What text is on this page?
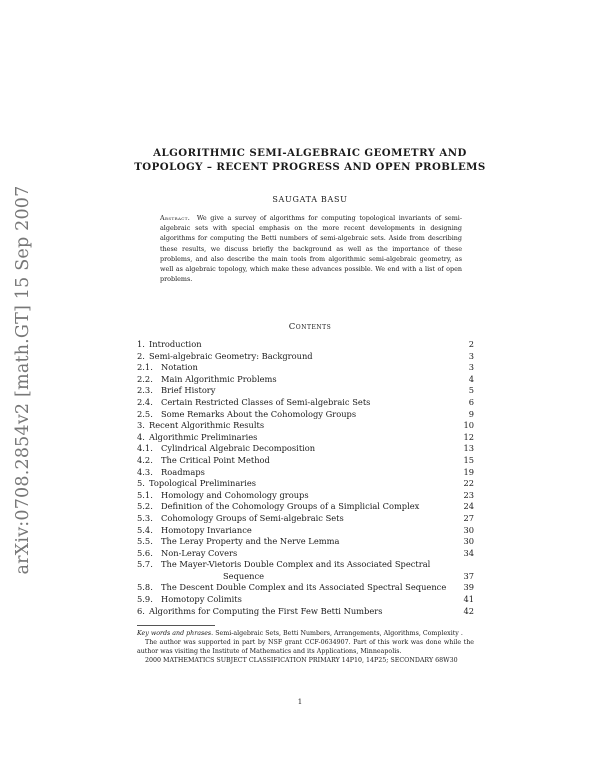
arXiv:0708.2854v2 [math.GT] 15 Sep 2007
ALGORITHMIC SEMI-ALGEBRAIC GEOMETRY AND
TOPOLOGY – RECENT PROGRESS AND OPEN PROBLEMS
SAUGATA BASU
Abstract. We give a survey of algorithms for computing topological invariants of semi-algebraic sets with special emphasis on the more recent developments in designing algorithms for computing the Betti numbers of semi-algebraic sets. Aside from describing these results, we discuss briefly the background as well as the importance of these problems, and also describe the main tools from algorithmic semi-algebraic geometry, as well as algebraic topology, which make these advances possible. We end with a list of open problems.
Contents
1. Introduction	2
2. Semi-algebraic Geometry: Background	3
2.1. Notation	3
2.2. Main Algorithmic Problems	4
2.3. Brief History	5
2.4. Certain Restricted Classes of Semi-algebraic Sets	6
2.5. Some Remarks About the Cohomology Groups	9
3. Recent Algorithmic Results	10
4. Algorithmic Preliminaries	12
4.1. Cylindrical Algebraic Decomposition	13
4.2. The Critical Point Method	15
4.3. Roadmaps	19
5. Topological Preliminaries	22
5.1. Homology and Cohomology groups	23
5.2. Definition of the Cohomology Groups of a Simplicial Complex	24
5.3. Cohomology Groups of Semi-algebraic Sets	27
5.4. Homotopy Invariance	30
5.5. The Leray Property and the Nerve Lemma	30
5.6. Non-Leray Covers	34
5.7. The Mayer-Vietoris Double Complex and its Associated Spectral
Sequence	37
5.8. The Descent Double Complex and its Associated Spectral Sequence 39
5.9. Homotopy Colimits	41
6. Algorithms for Computing the First Few Betti Numbers	42

Key words and phrases. Semi-algebraic Sets, Betti Numbers, Arrangements, Algorithms, Complexity .

The author was supported in part by NSF grant CCF-0634907. Part of this work was done while the author was visiting the Institute of Mathematics and its Applications, Minneapolis.

2000 MATHEMATICS SUBJECT CLASSIFICATION PRIMARY 14P10, 14P25; SECONDARY 68W30

1
